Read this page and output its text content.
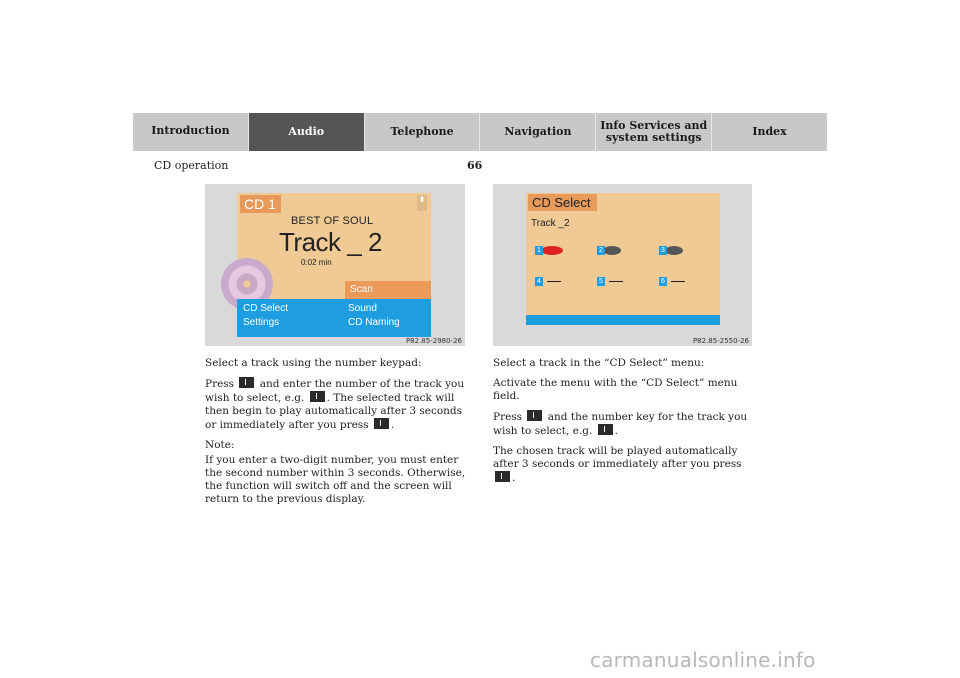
Introduction	Audio	Telephone	Navigation	Info Services and
system settings	Index
CD operation	66
CD 1	▮
BEST OF SOUL
Track _ 2
0:02 min
Scan
CD Select	Sound
Settings	CD Naming
P82.85-2980-26
CD Select
Track _2
1	2	3
4	5	6
P82.85-2550-26

Select a track using the number keypad:

Press and enter the number of the track you wish to select, e.g. . The selected track will then begin to play automatically after 3 seconds or immediately after you press .

Note:

If you enter a two-digit number, you must enter the second number within 3 seconds. Otherwise, the function will switch off and the screen will return to the previous display.

Select a track in the “CD Select” menu:

Activate the menu with the “CD Select” menu field.

Press and the number key for the track you wish to select, e.g. .

The chosen track will be played automatically after 3 seconds or immediately after you press .

carmanualsonline.info
